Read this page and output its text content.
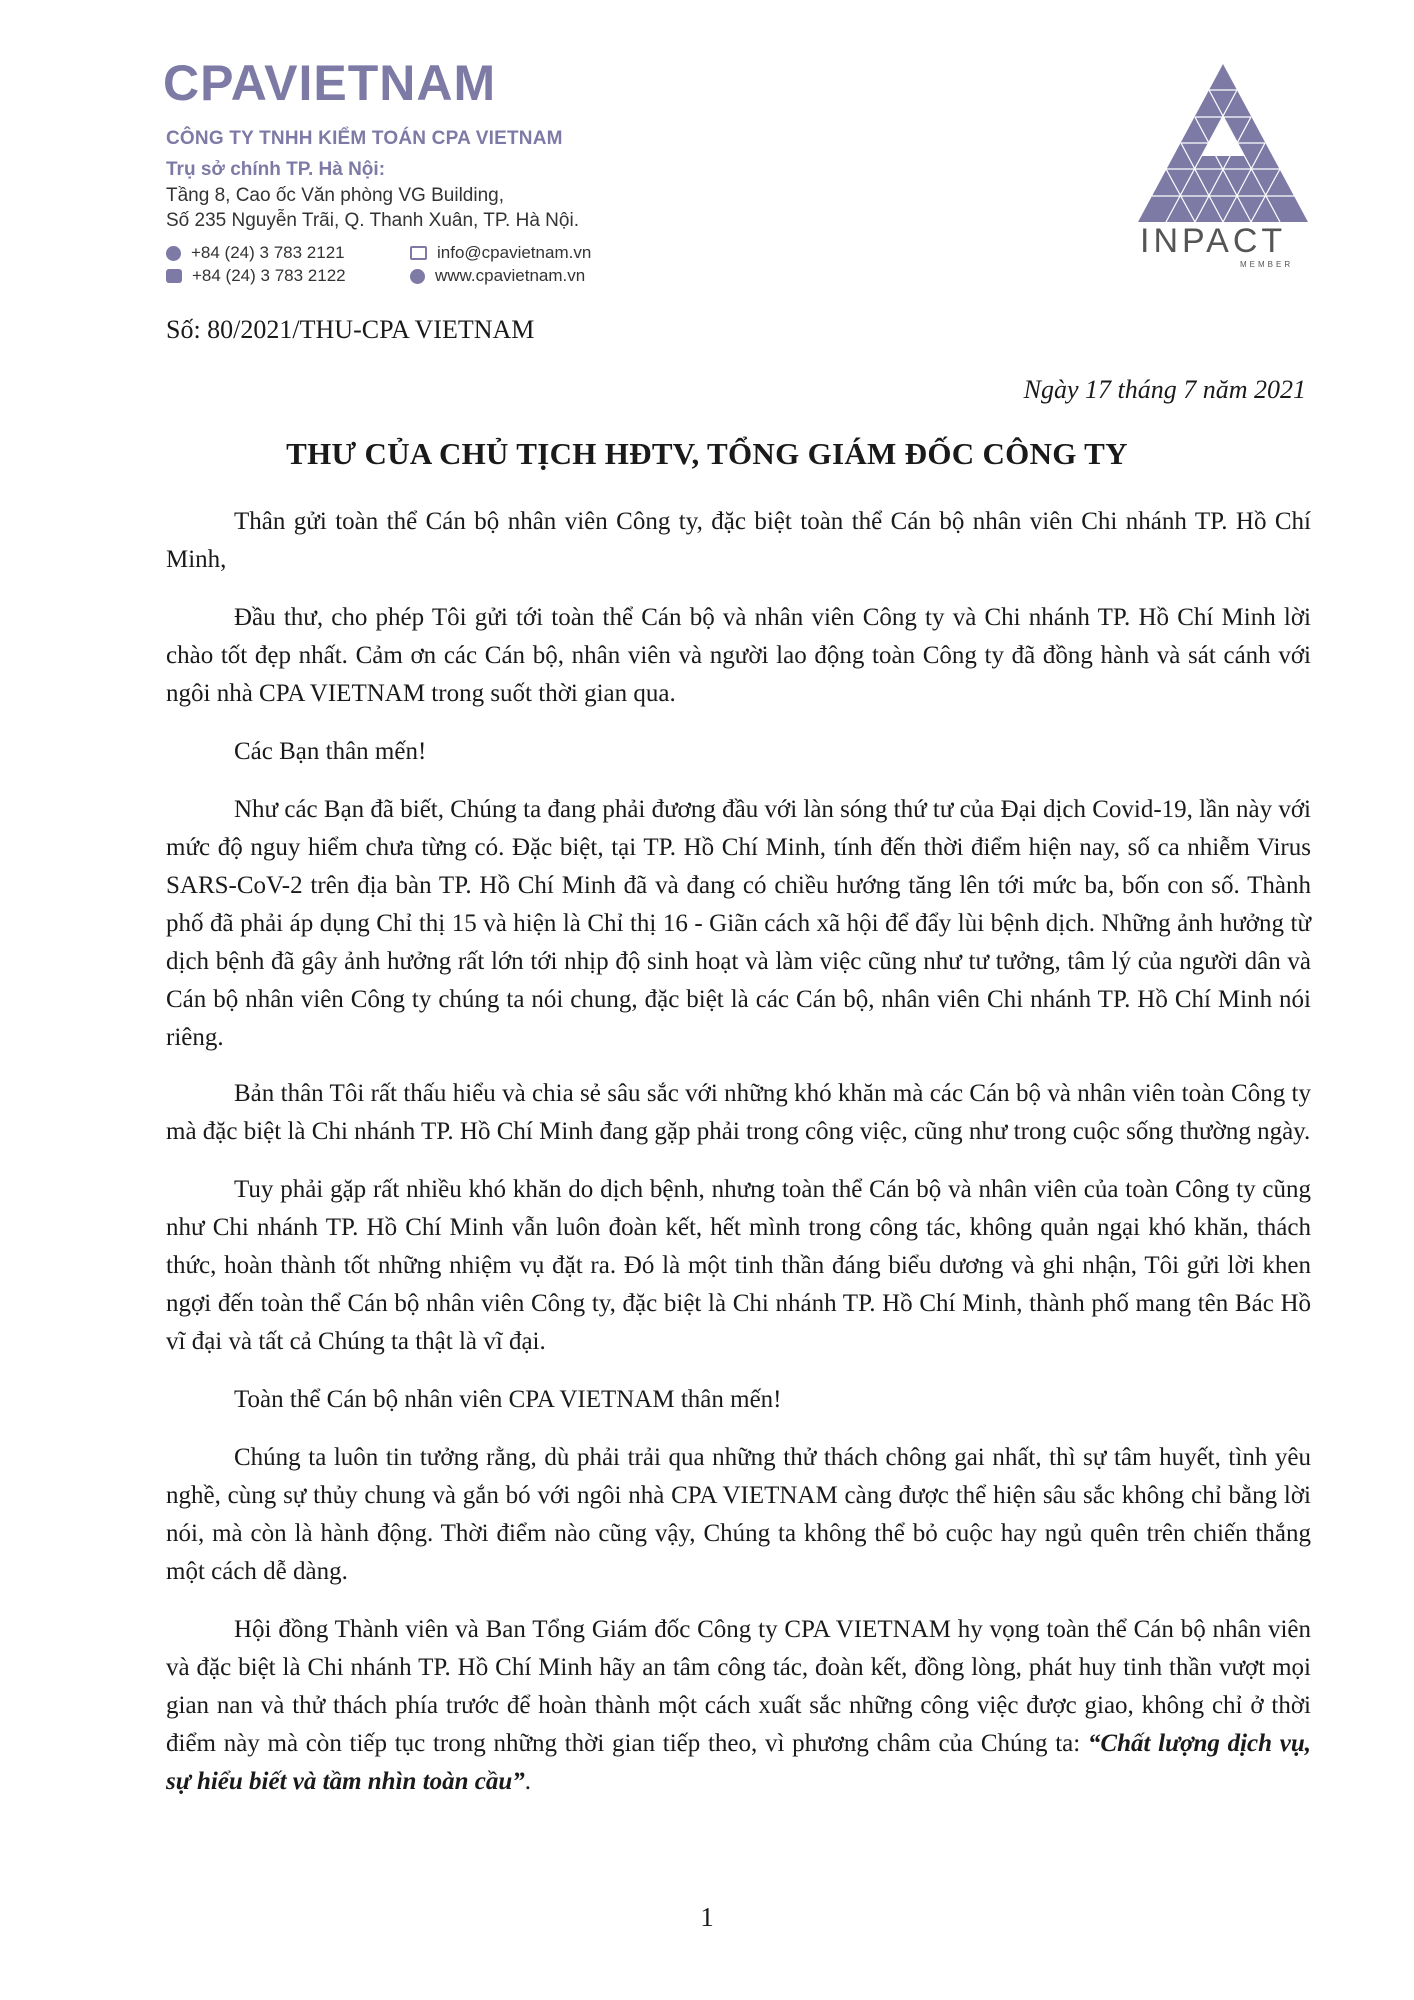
CPAVIETNAM
CÔNG TY TNHH KIỂM TOÁN CPA VIETNAM
Trụ sở chính TP. Hà Nội:
Tầng 8, Cao ốc Văn phòng VG Building,
Số 235 Nguyễn Trãi, Q. Thanh Xuân, TP. Hà Nội.
+84 (24) 3 783 2121
+84 (24) 3 783 2122
info@cpavietnam.vn
www.cpavietnam.vn
INPACT
MEMBER
Số: 80/2021/THU-CPA VIETNAM
Ngày 17 tháng 7 năm 2021
THƯ CỦA CHỦ TỊCH HĐTV, TỔNG GIÁM ĐỐC CÔNG TY

Thân gửi toàn thể Cán bộ nhân viên Công ty, đặc biệt toàn thể Cán bộ nhân viên Chi nhánh TP. Hồ Chí Minh,

Đầu thư, cho phép Tôi gửi tới toàn thể Cán bộ và nhân viên Công ty và Chi nhánh TP. Hồ Chí Minh lời chào tốt đẹp nhất. Cảm ơn các Cán bộ, nhân viên và người lao động toàn Công ty đã đồng hành và sát cánh với ngôi nhà CPA VIETNAM trong suốt thời gian qua.

Các Bạn thân mến!

Như các Bạn đã biết, Chúng ta đang phải đương đầu với làn sóng thứ tư của Đại dịch Covid-19, lần này với mức độ nguy hiểm chưa từng có. Đặc biệt, tại TP. Hồ Chí Minh, tính đến thời điểm hiện nay, số ca nhiễm Virus SARS-CoV-2 trên địa bàn TP. Hồ Chí Minh đã và đang có chiều hướng tăng lên tới mức ba, bốn con số. Thành phố đã phải áp dụng Chỉ thị 15 và hiện là Chỉ thị 16 - Giãn cách xã hội để đẩy lùi bệnh dịch. Những ảnh hưởng từ dịch bệnh đã gây ảnh hưởng rất lớn tới nhịp độ sinh hoạt và làm việc cũng như tư tưởng, tâm lý của người dân và Cán bộ nhân viên Công ty chúng ta nói chung, đặc biệt là các Cán bộ, nhân viên Chi nhánh TP. Hồ Chí Minh nói riêng.

Bản thân Tôi rất thấu hiểu và chia sẻ sâu sắc với những khó khăn mà các Cán bộ và nhân viên toàn Công ty mà đặc biệt là Chi nhánh TP. Hồ Chí Minh đang gặp phải trong công việc, cũng như trong cuộc sống thường ngày.

Tuy phải gặp rất nhiều khó khăn do dịch bệnh, nhưng toàn thể Cán bộ và nhân viên của toàn Công ty cũng như Chi nhánh TP. Hồ Chí Minh vẫn luôn đoàn kết, hết mình trong công tác, không quản ngại khó khăn, thách thức, hoàn thành tốt những nhiệm vụ đặt ra. Đó là một tinh thần đáng biểu dương và ghi nhận, Tôi gửi lời khen ngợi đến toàn thể Cán bộ nhân viên Công ty, đặc biệt là Chi nhánh TP. Hồ Chí Minh, thành phố mang tên Bác Hồ vĩ đại và tất cả Chúng ta thật là vĩ đại.

Toàn thể Cán bộ nhân viên CPA VIETNAM thân mến!

Chúng ta luôn tin tưởng rằng, dù phải trải qua những thử thách chông gai nhất, thì sự tâm huyết, tình yêu nghề, cùng sự thủy chung và gắn bó với ngôi nhà CPA VIETNAM càng được thể hiện sâu sắc không chỉ bằng lời nói, mà còn là hành động. Thời điểm nào cũng vậy, Chúng ta không thể bỏ cuộc hay ngủ quên trên chiến thắng một cách dễ dàng.

Hội đồng Thành viên và Ban Tổng Giám đốc Công ty CPA VIETNAM hy vọng toàn thể Cán bộ nhân viên và đặc biệt là Chi nhánh TP. Hồ Chí Minh hãy an tâm công tác, đoàn kết, đồng lòng, phát huy tinh thần vượt mọi gian nan và thử thách phía trước để hoàn thành một cách xuất sắc những công việc được giao, không chỉ ở thời điểm này mà còn tiếp tục trong những thời gian tiếp theo, vì phương châm của Chúng ta: “Chất lượng dịch vụ, sự hiểu biết và tầm nhìn toàn cầu”.

1
